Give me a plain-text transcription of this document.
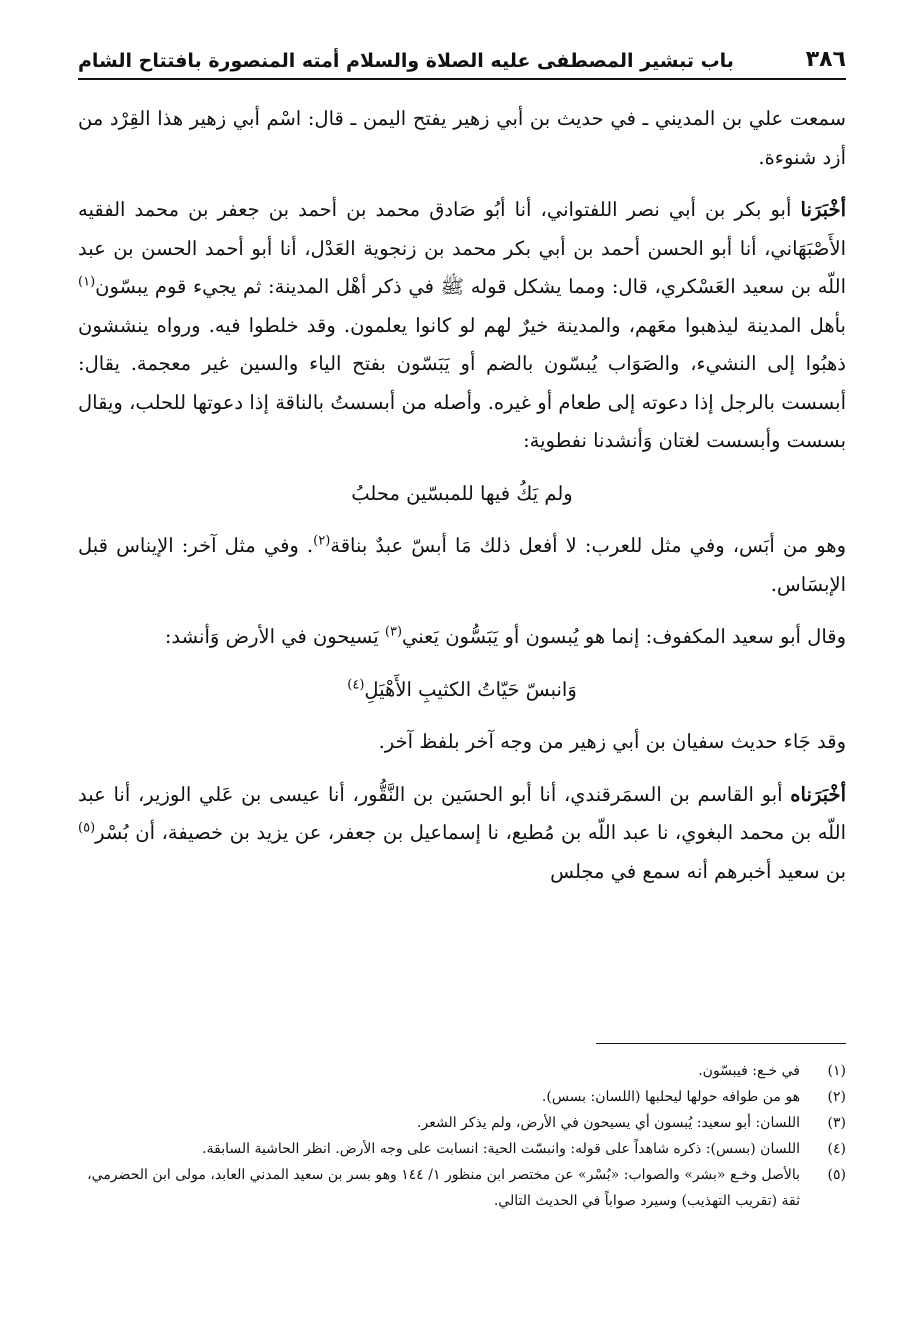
٣٨٦
باب تبشير المصطفى عليه الصلاة والسلام أمته المنصورة بافتتاح الشام

سمعت علي بن المديني ـ في حديث بن أبي زهير يفتح اليمن ـ قال: اسْم أبي زهير هذا القِرْد من أزد شنوءة.

أخْبَرَنا أبو بكر بن أبي نصر اللفتواني، أنا أبُو صَادق محمد بن أحمد بن جعفر بن محمد الفقيه الأَصْبَهَاني، أنا أبو الحسن أحمد بن أبي بكر محمد بن زنجوية العَدْل، أنا أبو أحمد الحسن بن عبد اللّه بن سعيد العَسْكري، قال: ومما يشكل قوله ﷺ في ذكر أهْل المدينة: ثم يجيء قوم يبسّون$^{(١)}$ بأهل المدينة ليذهبوا معَهم، والمدينة خيرٌ لهم لو كانوا يعلمون. وقد خلطوا فيه. ورواه ينششون ذهبُوا إلى النشيء، والصَوَاب يُبسّون بالضم أو يَبَسّون بفتح الياء والسين غير معجمة. يقال: أبسست بالرجل إذا دعوته إلى طعام أو غيره. وأصله من أبسستُ بالناقة إذا دعوتها للحلب، ويقال بسست وأبسست لغتان وَأنشدنا نفطوية:

ولم يَكُ فيها للمبسّين محلبُ

وهو من أبَس، وفي مثل للعرب: لا أفعل ذلك مَا أبسّ عبدٌ بناقة$^{(٢)}$. وفي مثل آخر: الإيناس قبل الإبسَاس.

وقال أبو سعيد المكفوف: إنما هو يُبسون أو يَبَسُّون يَعني$^{(٣)}$ يَسيحون في الأرض وَأنشد:

وَانبسّ حَيّاتُ الكثيبِ الأَهْيَلِ$^{(٤)}$

وقد جَاء حديث سفيان بن أبي زهير من وجه آخر بلفظ آخر.

أخْبَرَناه أبو القاسم بن السمَرقندي، أنا أبو الحسَين بن النَّقُّور، أنا عيسى بن عَلي الوزير، أنا عبد اللّه بن محمد البغوي، نا عبد اللّه بن مُطيع، نا إسماعيل بن جعفر، عن يزيد بن خصيفة، أن بُسْر$^{(٥)}$ بن سعيد أخبرهم أنه سمع في مجلس

(١)
في خـع: فيبسّون.
(٢)
هو من طوافه حولها ليحلبها (اللسان: بسس).
(٣)
اللسان: أبو سعيد: يُبسون أي يسيحون في الأرض، ولم يذكر الشعر.
(٤)
اللسان (بسس): ذكره شاهداً على قوله: وانبسّت الحية: انسابت على وجه الأرض. انظر الحاشية السابقة.
(٥)
بالأصل وخـع «بشر» والصواب: «بُسْر» عن مختصر ابن منظور ١/ ١٤٤ وهو بسر بن سعيد المدني العابد، مولى ابن الحضرمي، ثقة (تقريب التهذيب) وسيرد صواباً في الحديث التالي.
